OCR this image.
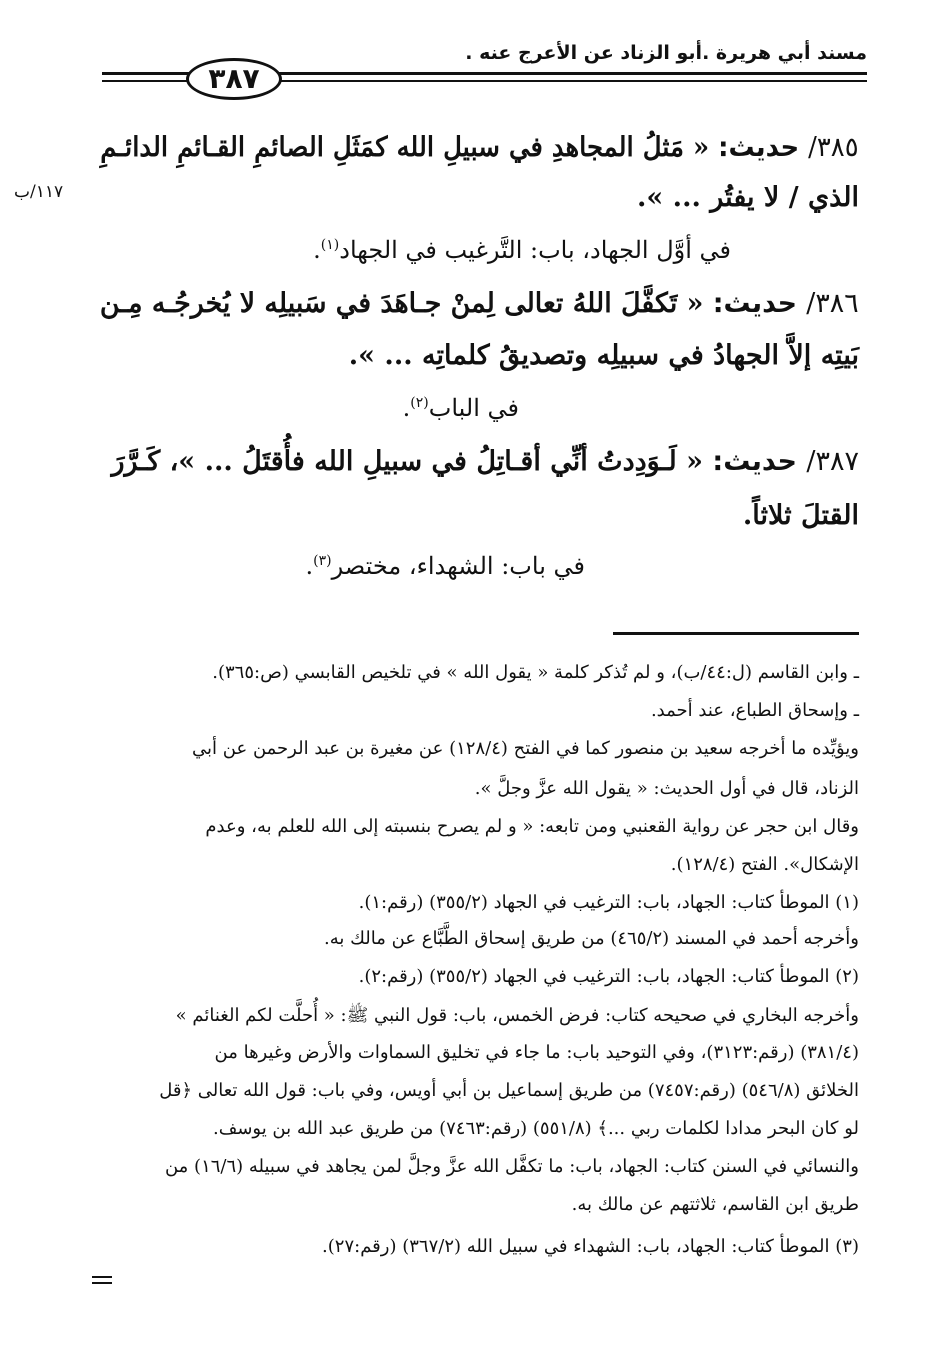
مسند أبي هريرة .أبو الزناد عن الأعرج عنه .
٣٨٧
١١٧/ب
٣٨٥/ حديث: « مَثلُ المجاهدِ في سبيلِ الله كمَثَلِ الصائمِ القـائمِ الدائـمِ
الذي / لا يفتُر ... ».
في أوَّل الجهاد، باب: التَّرغيب في الجهاد$^{(١)}$.
٣٨٦/ حديث: « تَكفَّلَ اللهُ تعالى لِمنْ جـاهَدَ في سَبيلِه لا يُخرجُـه مِـن
بَيتِه إلاَّ الجهادُ في سبيلِه وتصديقُ كلماتِه ... ».
في الباب$^{(٢)}$.
٣٨٧/ حديث: « لَـوَدِدتُ أنِّي أقـاتِلُ في سبيلِ الله فأُقتَلُ ... »، كَـرَّرَ
القتلَ ثلاثاً.
في باب: الشهداء، مختصر$^{(٣)}$.
ـ وابن القاسم (ل:٤٤/ب)، و لم تُذكر كلمة « يقول الله » في تلخيص القابسي (ص:٣٦٥).
ـ وإسحاق الطباع، عند أحمد.
ويؤيِّده ما أخرجه سعيد بن منصور كما في الفتح (١٢٨/٤) عن مغيرة بن عبد الرحمن عن أبي
الزناد، قال في أول الحديث: « يقول الله عزَّ وجلَّ ».
وقال ابن حجر عن رواية القعنبي ومن تابعه: « و لم يصرح بنسبته إلى الله للعلم به، وعدم
الإشكال». الفتح (١٢٨/٤).
(١) الموطأ كتاب: الجهاد، باب: الترغيب في الجهاد (٣٥٥/٢) (رقم:١).
وأخرجه أحمد في المسند (٤٦٥/٢) من طريق إسحاق الطَّبَّاع عن مالك به.
(٢) الموطأ كتاب: الجهاد، باب: الترغيب في الجهاد (٣٥٥/٢) (رقم:٢).
وأخرجه البخاري في صحيحه كتاب: فرض الخمس، باب: قول النبي ﷺ: « أُحلَّت لكم الغنائم »
(٣٨١/٤) (رقم:٣١٢٣)، وفي التوحيد باب: ما جاء في تخليق السماوات والأرض وغيرها من
الخلائق (٥٤٦/٨) (رقم:٧٤٥٧) من طريق إسماعيل بن أبي أويس، وفي باب: قول الله تعالى ﴿قل
لو كان البحر مدادا لكلمات ربي ...﴾ (٥٥١/٨) (رقم:٧٤٦٣) من طريق عبد الله بن يوسف.
والنسائي في السنن كتاب: الجهاد، باب: ما تكفَّل الله عزَّ وجلَّ لمن يجاهد في سبيله (١٦/٦) من
طريق ابن القاسم، ثلاثتهم عن مالك به.
(٣) الموطأ كتاب: الجهاد، باب: الشهداء في سبيل الله (٣٦٧/٢) (رقم:٢٧).
